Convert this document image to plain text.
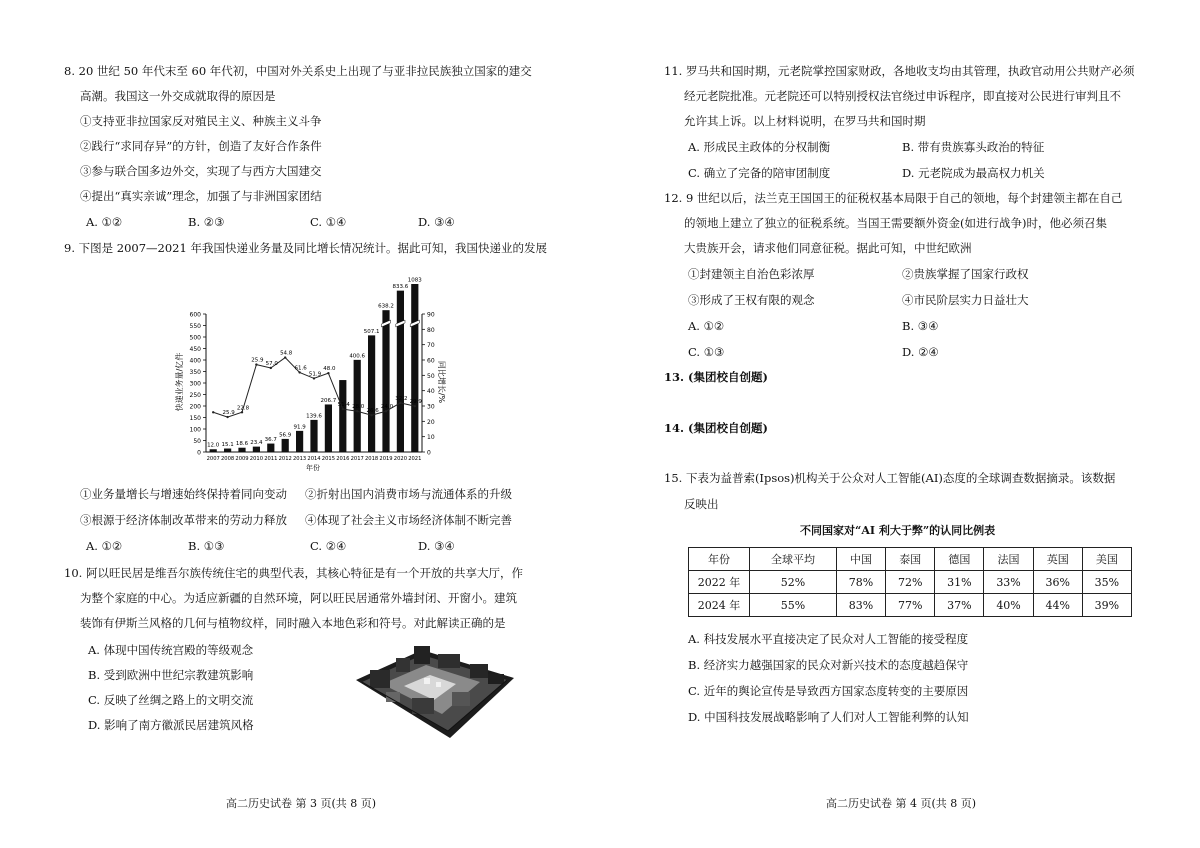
8. 20 世纪 50 年代末至 60 年代初，中国对外关系史上出现了与亚非拉民族独立国家的建交
高潮。我国这一外交成就取得的原因是
①支持亚非拉国家反对殖民主义、种族主义斗争
②践行“求同存异”的方针，创造了友好合作条件
③参与联合国多边外交，实现了与西方大国建交
④提出“真实亲诚”理念，加强了与非洲国家团结
A. ①②	B. ②③	C. ①④	D. ③④
9. 下图是 2007—2021 年我国快递业务量及同比增长情况统计。据此可知，我国快递业的发展
0
50
100
150
200
250
300
350
400
450
500
550
600
0
10
20
30
40
50
60
70
80
90
2007 2008 2009 2010 2011 2012 2013 2014 2015 2016 2017 2018 2019 2020 2021
12.0 15.1 18.6 23.4
36.7
56.9
91.9
139.6
206.7
400.6
507.1
638.2
833.6
1083
25.9
22.8
25.9
57.0
54.8
61.6
51.9
48.0
51.4 28.0
26.6
24.0
32.2
29.9
快递业务量/亿件	同比增长/%
年份
①业务量增长与增速始终保持着同向变动 ②折射出国内消费市场与流通体系的升级
③根源于经济体制改革带来的劳动力释放 ④体现了社会主义市场经济体制不断完善
A. ①②	B. ①③	C. ②④	D. ③④
10. 阿以旺民居是维吾尔族传统住宅的典型代表，其核心特征是有一个开放的共享大厅，作
为整个家庭的中心。为适应新疆的自然环境，阿以旺民居通常外墙封闭、开窗小。建筑
装饰有伊斯兰风格的几何与植物纹样，同时融入本地色彩和符号。对此解读正确的是
A. 体现中国传统宫殿的等级观念
B. 受到欧洲中世纪宗教建筑影响
C. 反映了丝绸之路上的文明交流
D. 影响了南方徽派民居建筑风格
高二历史试卷 第 3 页(共 8 页)
11. 罗马共和国时期，元老院掌控国家财政，各地收支均由其管理，执政官动用公共财产必须
经元老院批准。元老院还可以特别授权法官绕过申诉程序，即直接对公民进行审判且不
允许其上诉。以上材料说明，在罗马共和国时期
A. 形成民主政体的分权制衡	B. 带有贵族寡头政治的特征
C. 确立了完备的陪审团制度	D. 元老院成为最高权力机关
12. 9 世纪以后，法兰克王国国王的征税权基本局限于自己的领地，每个封建领主都在自己
的领地上建立了独立的征税系统。当国王需要额外资金(如进行战争)时，他必须召集
大贵族开会，请求他们同意征税。据此可知，中世纪欧洲
①封建领主自治色彩浓厚	②贵族掌握了国家行政权
③形成了王权有限的观念	④市民阶层实力日益壮大
A. ①②	B. ③④
C. ①③	D. ②④
13. (集团校自创题)
14. (集团校自创题)
15. 下表为益普索(Ipsos)机构关于公众对人工智能(AI)态度的全球调查数据摘录。该数据
反映出
不同国家对“AI 利大于弊”的认同比例表
年份	全球平均	中国	泰国	德国	法国	英国	美国
2022 年	52%	78%	72%	31%	33%	36%	35%
2024 年	55%	83%	77%	37%	40%	44%	39%
A. 科技发展水平直接决定了民众对人工智能的接受程度
B. 经济实力越强国家的民众对新兴技术的态度越趋保守
C. 近年的舆论宣传是导致西方国家态度转变的主要原因
D. 中国科技发展战略影响了人们对人工智能利弊的认知
高二历史试卷 第 4 页(共 8 页)
